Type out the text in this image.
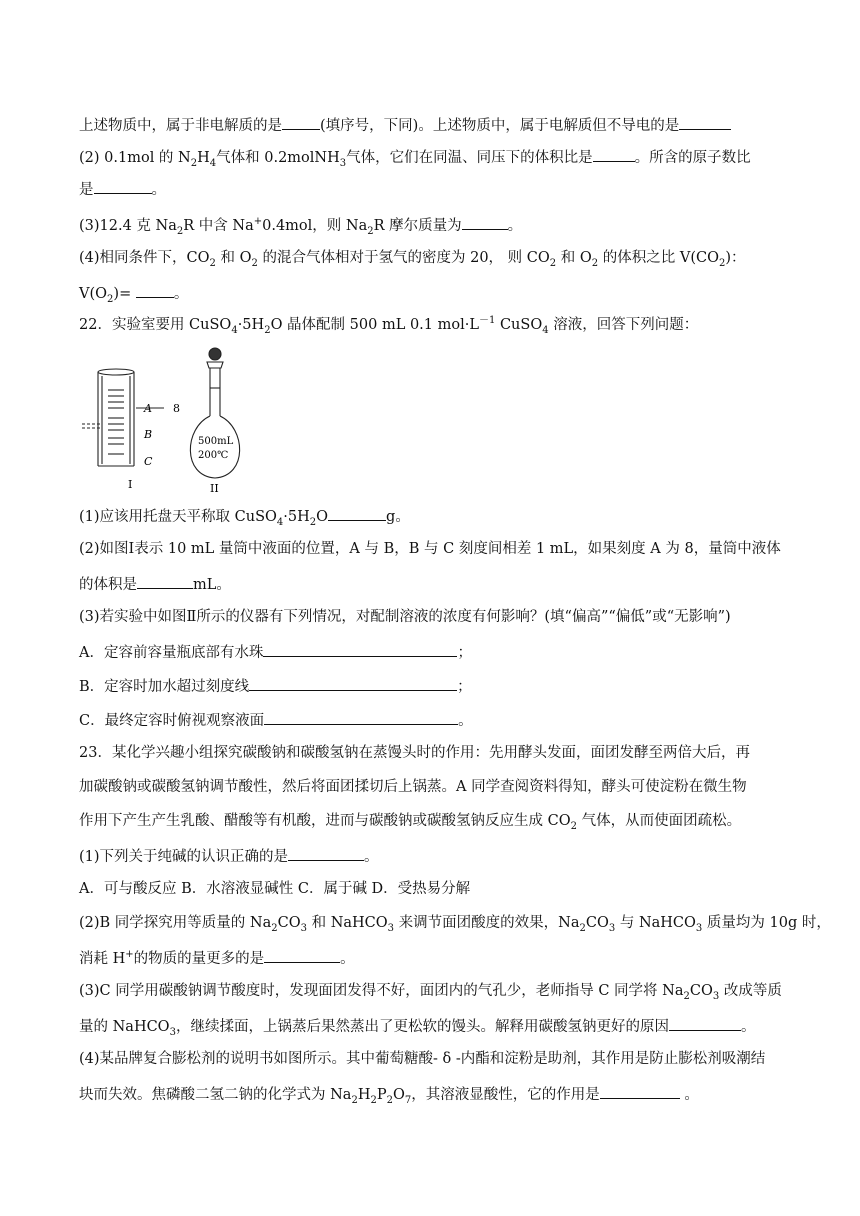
上述物质中，属于非电解质的是	(填序号，下同)。上述物质中，属于电解质但不导电的是
(2) 0.1mol 的 $N_2H_4$气体和 0.2molNH$_3$气体，它们在同温、同压下的体积比是	。所含的原子数比
是	。
(3)12.4 克 $Na_2R$ 中含 Na+0.4mol，则 $Na_2R$ 摩尔质量为	。
(4)相同条件下，$CO_2$ 和 $O_2$ 的混合气体相对于氢气的密度为 20， 则 $CO_2$ 和 $O_2$ 的体积之比 $V(CO_2)$：
$V(O_2)=$	。
22．实验室要用 $CuSO_4\cdot 5H_2O$ 晶体配制 500 mL 0.1 $mol\cdot L^{-1}$ CuSO$_4$ 溶液，回答下列问题：
A 8
B
C
I
500mL
200℃
II
(1)应该用托盘天平称取 $CuSO_4\cdot 5H_2O$	g。
(2)如图Ⅰ表示 10 mL 量筒中液面的位置，A 与 B，B 与 C 刻度间相差 1 mL，如果刻度 A 为 8，量筒中液体
的体积是	mL。
(3)若实验中如图Ⅱ所示的仪器有下列情况，对配制溶液的浓度有何影响？(填“偏高”“偏低”或“无影响”)
A．定容前容量瓶底部有水珠	；
B．定容时加水超过刻度线	；
C．最终定容时俯视观察液面	。
23．某化学兴趣小组探究碳酸钠和碳酸氢钠在蒸馒头时的作用：先用酵头发面，面团发酵至两倍大后，再
加碳酸钠或碳酸氢钠调节酸性，然后将面团揉切后上锅蒸。A 同学查阅资料得知，酵头可使淀粉在微生物
作用下产生产生乳酸、醋酸等有机酸，进而与碳酸钠或碳酸氢钠反应生成 $CO_2$ 气体，从而使面团疏松。
(1)下列关于纯碱的认识正确的是	。
A．可与酸反应 B．水溶液显碱性 C．属于碱 D．受热易分解
(2)B 同学探究用等质量的 $Na_2CO_3$ 和 NaHCO$_3$ 来调节面团酸度的效果，$Na_2CO_3$ 与 NaHCO$_3$ 质量均为 10g 时，
消耗 H+的物质的量更多的是	。
(3)C 同学用碳酸钠调节酸度时，发现面团发得不好，面团内的气孔少，老师指导 C 同学将 $Na_2CO_3$ 改成等质
量的 NaHCO$_3$，继续揉面，上锅蒸后果然蒸出了更松软的馒头。解释用碳酸氢钠更好的原因	。
(4)某品牌复合膨松剂的说明书如图所示。其中葡萄糖酸- δ -内酯和淀粉是助剂，其作用是防止膨松剂吸潮结
块而失效。焦磷酸二氢二钠的化学式为 $Na_2H_2P_2O_7$，其溶液显酸性，它的作用是	。
